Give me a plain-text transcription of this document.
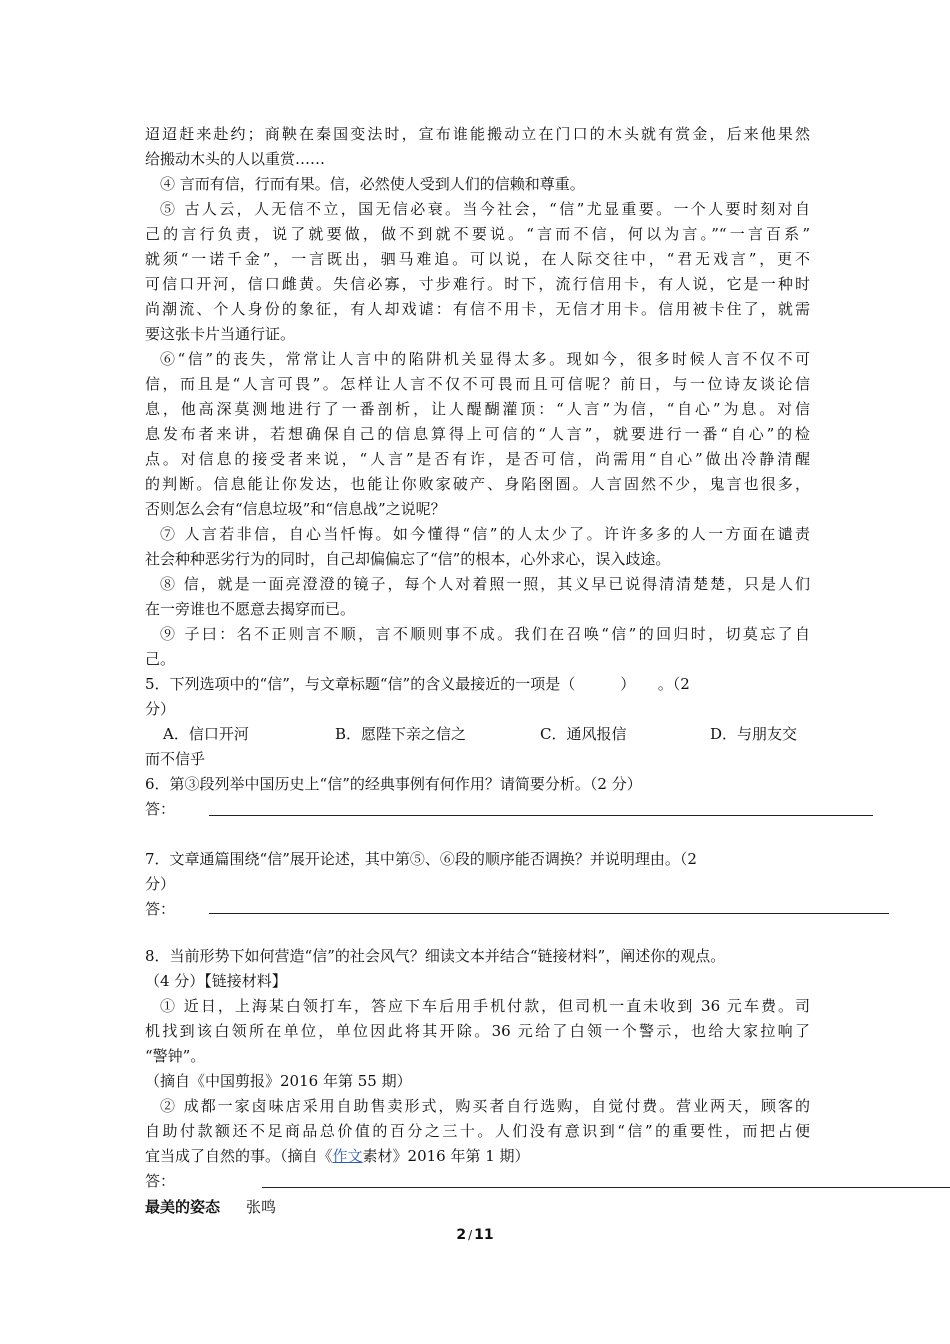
迢迢赶来赴约；商鞅在秦国变法时，宣布谁能搬动立在门口的木头就有赏金，后来他果然
给搬动木头的人以重赏……
④ 言而有信，行而有果。信，必然使人受到人们的信赖和尊重。
⑤ 古人云，人无信不立，国无信必衰。当今社会，“信”尤显重要。一个人要时刻对自
己的言行负责，说了就要做，做不到就不要说。“言而不信，何以为言。”“一言百系”
就须“一诺千金”，一言既出，驷马难追。可以说，在人际交往中，“君无戏言”，更不
可信口开河，信口雌黄。失信必寡，寸步难行。时下，流行信用卡，有人说，它是一种时
尚潮流、个人身份的象征，有人却戏谑：有信不用卡，无信才用卡。信用被卡住了，就需
要这张卡片当通行证。
⑥“信”的丧失，常常让人言中的陷阱机关显得太多。现如今，很多时候人言不仅不可
信，而且是“人言可畏”。怎样让人言不仅不可畏而且可信呢？前日，与一位诗友谈论信
息，他高深莫测地进行了一番剖析，让人醍醐灌顶：“人言”为信，“自心”为息。对信
息发布者来讲，若想确保自己的信息算得上可信的“人言”，就要进行一番“自心”的检
点。对信息的接受者来说，“人言”是否有诈，是否可信，尚需用“自心”做出冷静清醒
的判断。信息能让你发达，也能让你败家破产、身陷囹圄。人言固然不少，鬼言也很多，
否则怎么会有“信息垃圾”和“信息战”之说呢？
⑦ 人言若非信，自心当忏悔。如今懂得“信”的人太少了。许许多多的人一方面在谴责
社会种种恶劣行为的同时，自己却偏偏忘了“信”的根本，心外求心，误入歧途。
⑧ 信，就是一面亮澄澄的镜子，每个人对着照一照，其义早已说得清清楚楚，只是人们
在一旁谁也不愿意去揭穿而已。
⑨ 子曰：名不正则言不顺，言不顺则事不成。我们在召唤“信”的回归时，切莫忘了自
己。
5．下列选项中的“信”，与文章标题“信”的含义最接近的一项是（　　　）　　。（2
分）
A．信口开河	B．愿陛下亲之信之	C．通风报信	D．与朋友交
而不信乎
6．第③段列举中国历史上“信”的经典事例有何作用？请简要分析。（2 分）
答：
7．文章通篇围绕“信”展开论述，其中第⑤、⑥段的顺序能否调换？并说明理由。（2
分）
答：
8．当前形势下如何营造“信”的社会风气？细读文本并结合“链接材料”，阐述你的观点。
（4 分）【链接材料】
① 近日，上海某白领打车，答应下车后用手机付款，但司机一直未收到 36 元车费。司
机找到该白领所在单位，单位因此将其开除。36 元给了白领一个警示，也给大家拉响了
“警钟”。
（摘自《中国剪报》2016 年第 55 期）
② 成都一家卤味店采用自助售卖形式，购买者自行选购，自觉付费。营业两天，顾客的
自助付款额还不足商品总价值的百分之三十。人们没有意识到“信”的重要性，而把占便
宜当成了自然的事。（摘自《作文素材》2016 年第 1 期）
答：
最美的姿态 张鸣
2 / 11
